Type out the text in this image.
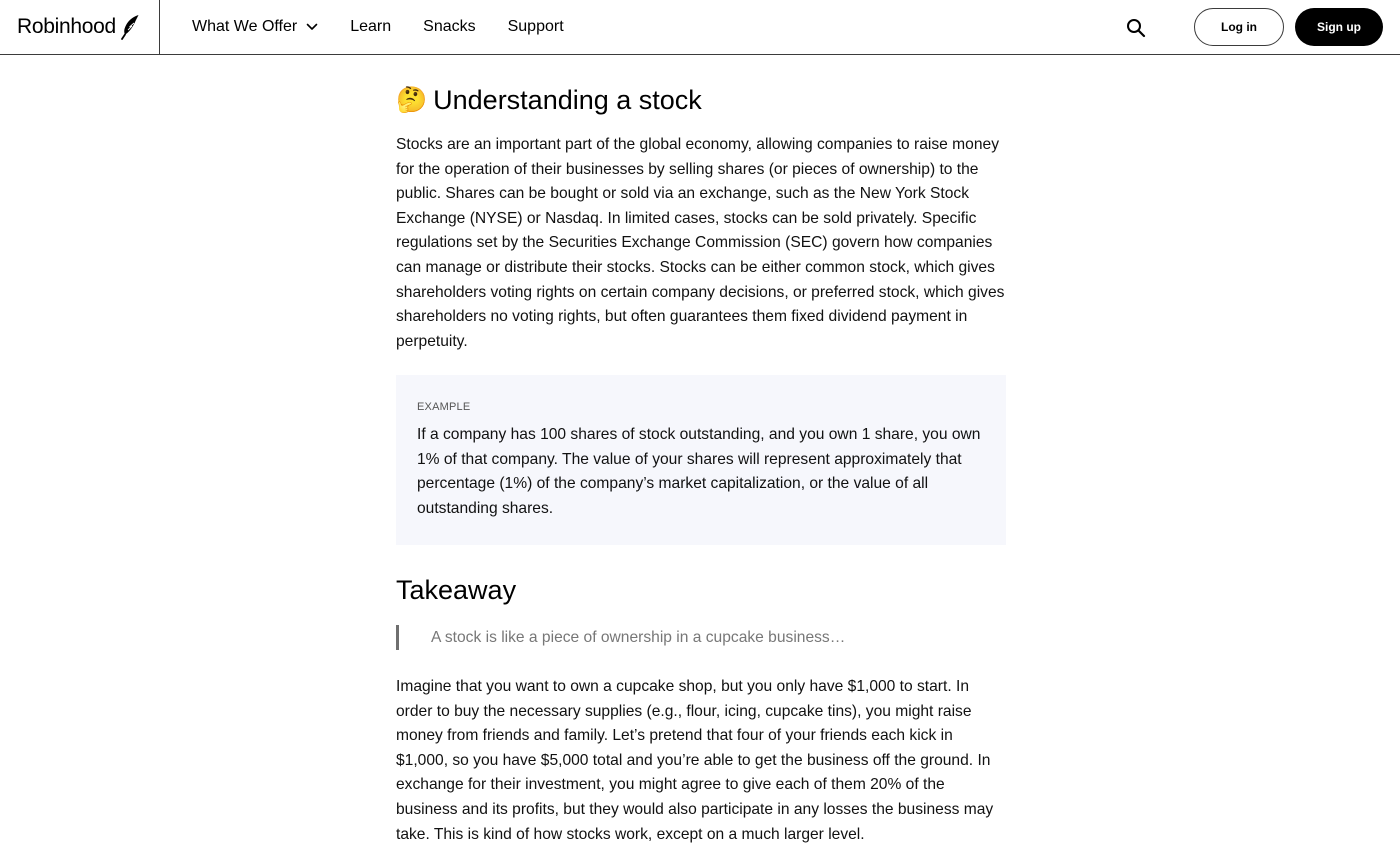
Robinhood	What We Offer	Learn Snacks Support	Log in	Sign up
🤔 Understanding a stock

Stocks are an important part of the global economy, allowing companies to raise money for the operation of their businesses by selling shares (or pieces of ownership) to the public. Shares can be bought or sold via an exchange, such as the New York Stock Exchange (NYSE) or Nasdaq. In limited cases, stocks can be sold privately. Specific regulations set by the Securities Exchange Commission (SEC) govern how companies can manage or distribute their stocks. Stocks can be either common stock, which gives shareholders voting rights on certain company decisions, or preferred stock, which gives shareholders no voting rights, but often guarantees them fixed dividend payment in perpetuity.

EXAMPLE

If a company has 100 shares of stock outstanding, and you own 1 share, you own 1% of that company. The value of your shares will represent approximately that percentage (1%) of the company’s market capitalization, or the value of all outstanding shares.

Takeaway
A stock is like a piece of ownership in a cupcake business…

Imagine that you want to own a cupcake shop, but you only have $1,000 to start. In order to buy the necessary supplies (e.g., flour, icing, cupcake tins), you might raise money from friends and family. Let’s pretend that four of your friends each kick in $1,000, so you have $5,000 total and you’re able to get the business off the ground. In exchange for their investment, you might agree to give each of them 20% of the business and its profits, but they would also participate in any losses the business may take. This is kind of how stocks work, except on a much larger level.
